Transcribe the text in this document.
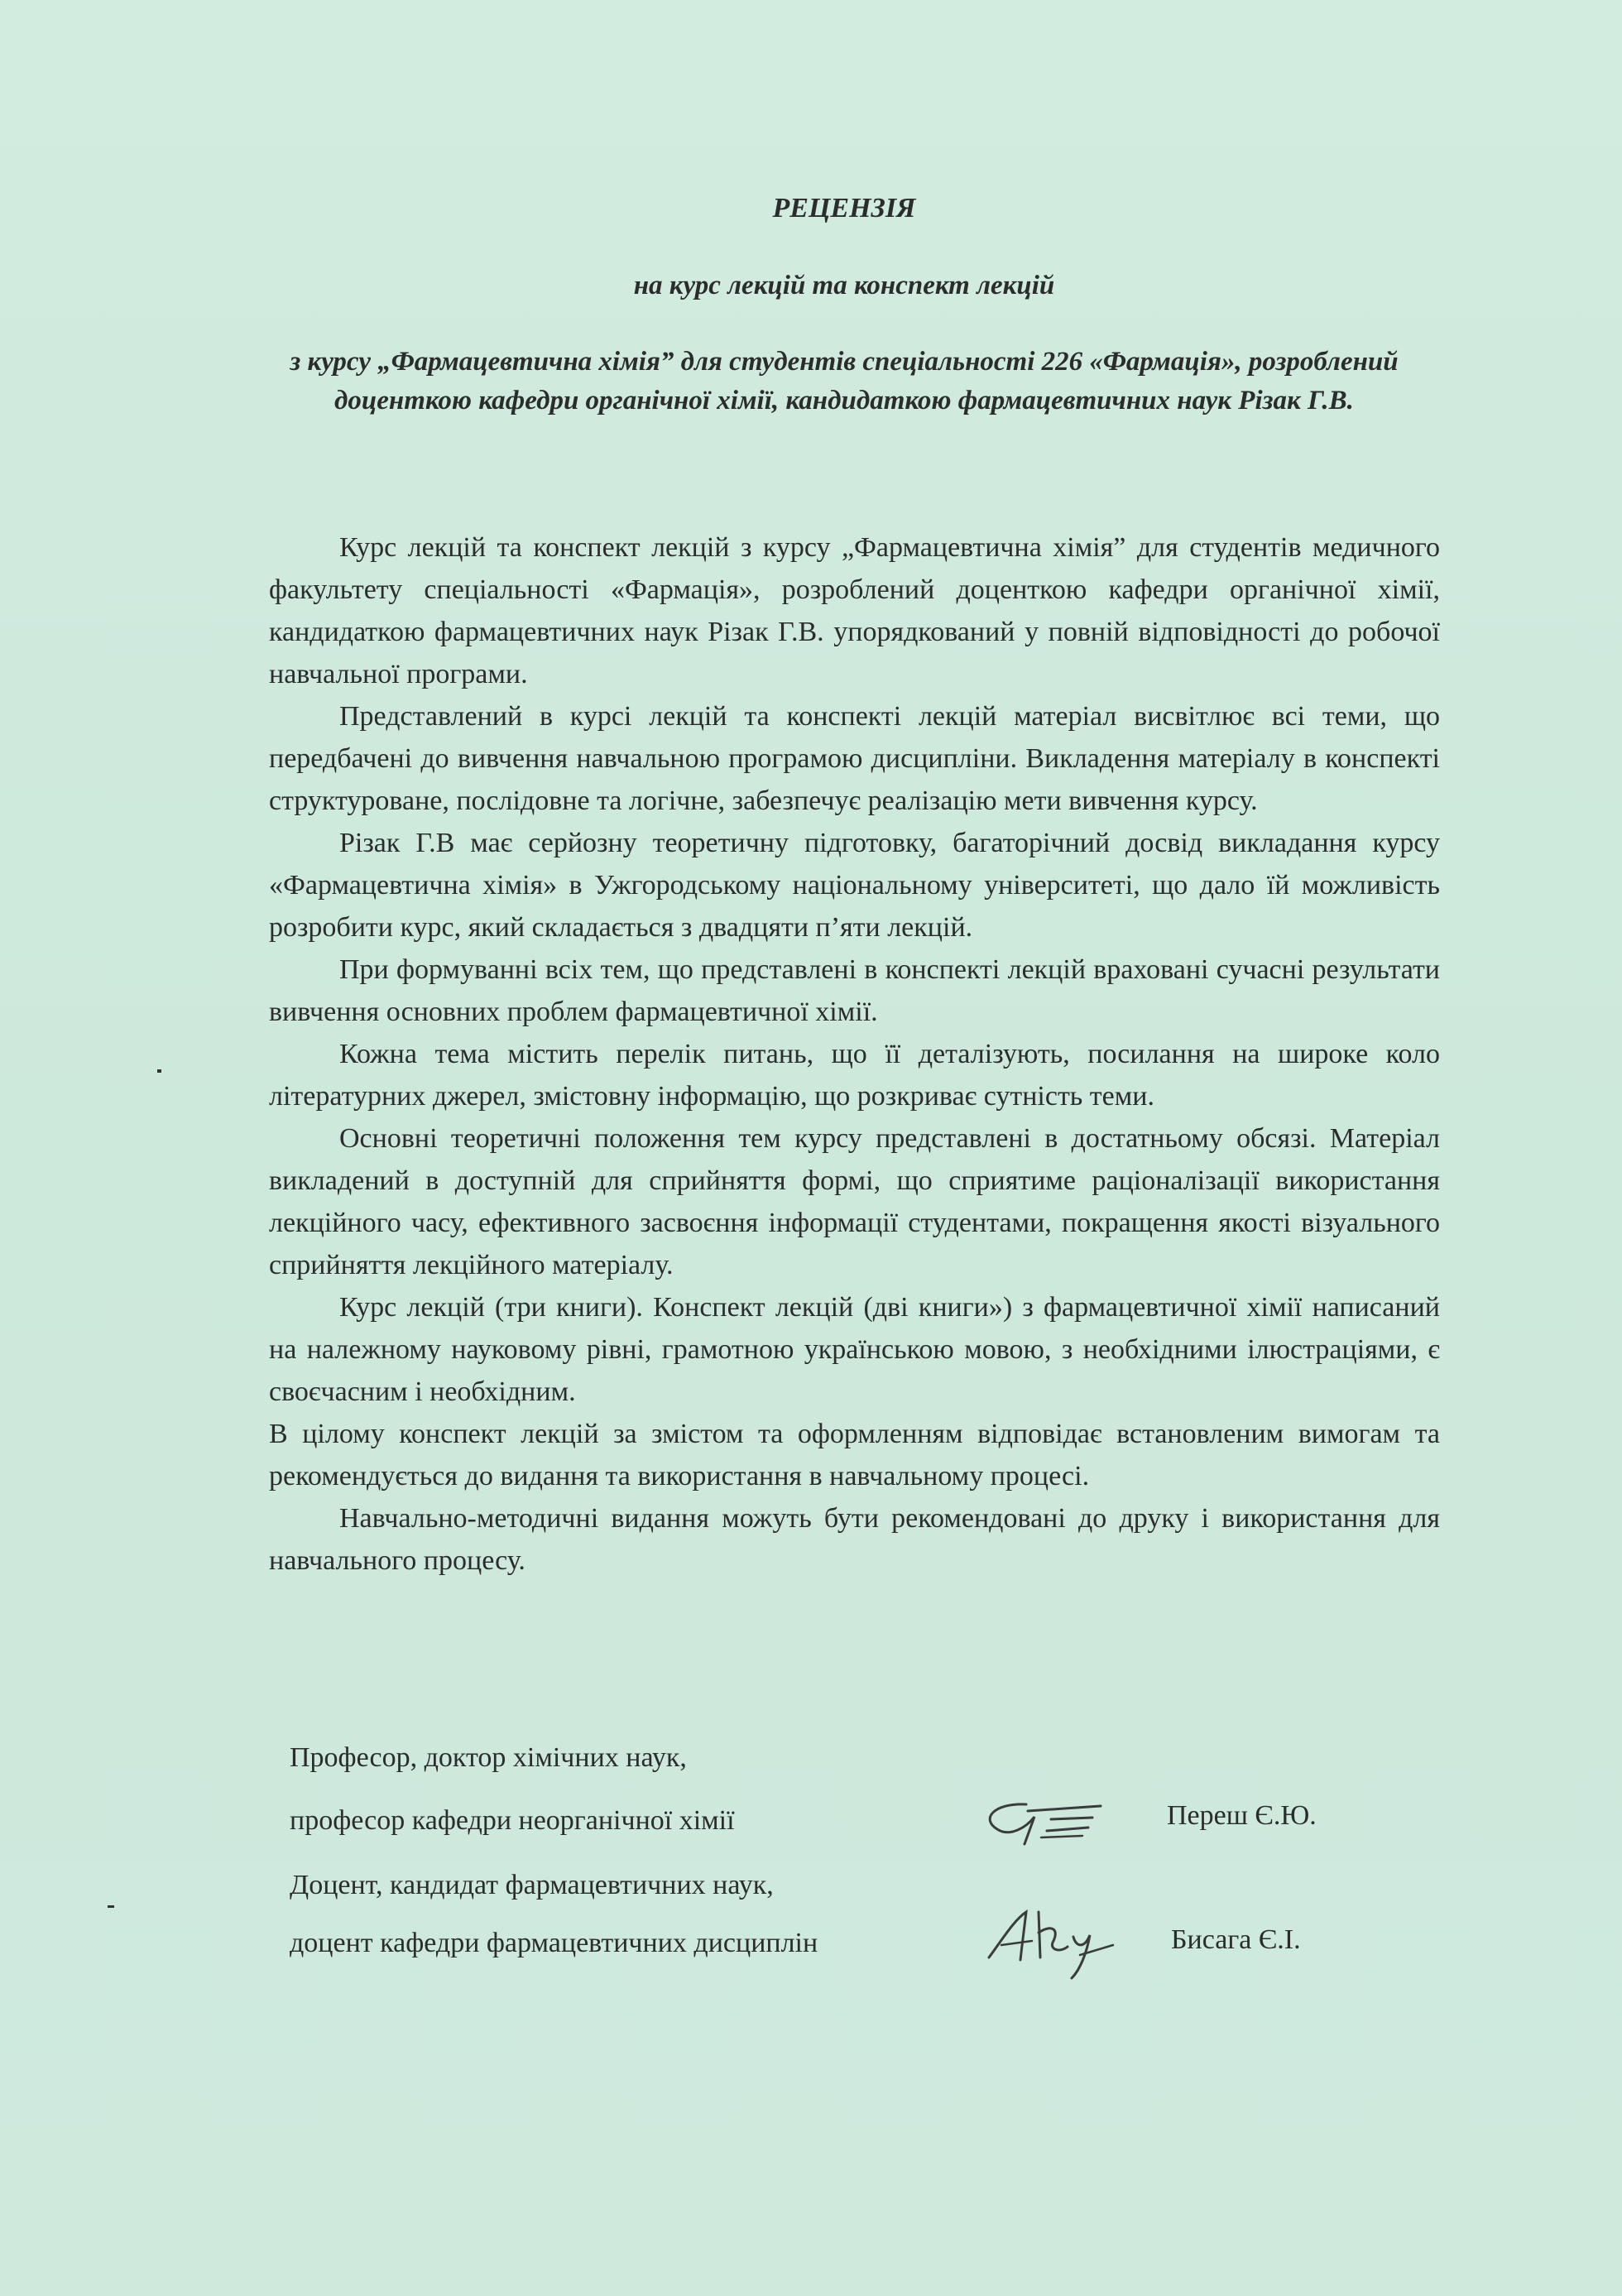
РЕЦЕНЗІЯ
на курс лекцій та конспект лекцій
з курсу „Фармацевтична хімія” для студентів спеціальності 226 «Фармація», розроблений доценткою кафедри органічної хімії, кандидаткою фармацевтичних наук Різак Г.В.

Курс лекцій та конспект лекцій з курсу „Фармацевтична хімія” для студентів медичного факультету спеціальності «Фармація», розроблений доценткою кафедри органічної хімії, кандидаткою фармацевтичних наук Різак Г.В. упорядкований у повній відповідності до робочої навчальної програми.

Представлений в курсі лекцій та конспекті лекцій матеріал висвітлює всі теми, що передбачені до вивчення навчальною програмою дисципліни. Викладення матеріалу в конспекті структуроване, послідовне та логічне, забезпечує реалізацію мети вивчення курсу.

Різак Г.В має серйозну теоретичну підготовку, багаторічний досвід викладання курсу «Фармацевтична хімія» в Ужгородському національному університеті, що дало їй можливість розробити курс, який складається з двадцяти п’яти лекцій.

При формуванні всіх тем, що представлені в конспекті лекцій враховані сучасні результати вивчення основних проблем фармацевтичної хімії.

Кожна тема містить перелік питань, що її деталізують, посилання на широке коло літературних джерел, змістовну інформацію, що розкриває сутність теми.

Основні теоретичні положення тем курсу представлені в достатньому обсязі. Матеріал викладений в доступній для сприйняття формі, що сприятиме раціоналізації використання лекційного часу, ефективного засвоєння інформації студентами, покращення якості візуального сприйняття лекційного матеріалу.

Курс лекцій (три книги). Конспект лекцій (дві книги») з фармацевтичної хімії написаний на належному науковому рівні, грамотною українською мовою, з необхідними ілюстраціями, є своєчасним і необхідним.

В цілому конспект лекцій за змістом та оформленням відповідає встановленим вимогам та рекомендується до видання та використання в навчальному процесі.

Навчально-методичні видання можуть бути рекомендовані до друку і використання для навчального процесу.

Професор, доктор хімічних наук,
професор кафедри неорганічної хімії	Переш Є.Ю.
Доцент, кандидат фармацевтичних наук,
доцент кафедри фармацевтичних дисциплін	Бисага Є.І.
